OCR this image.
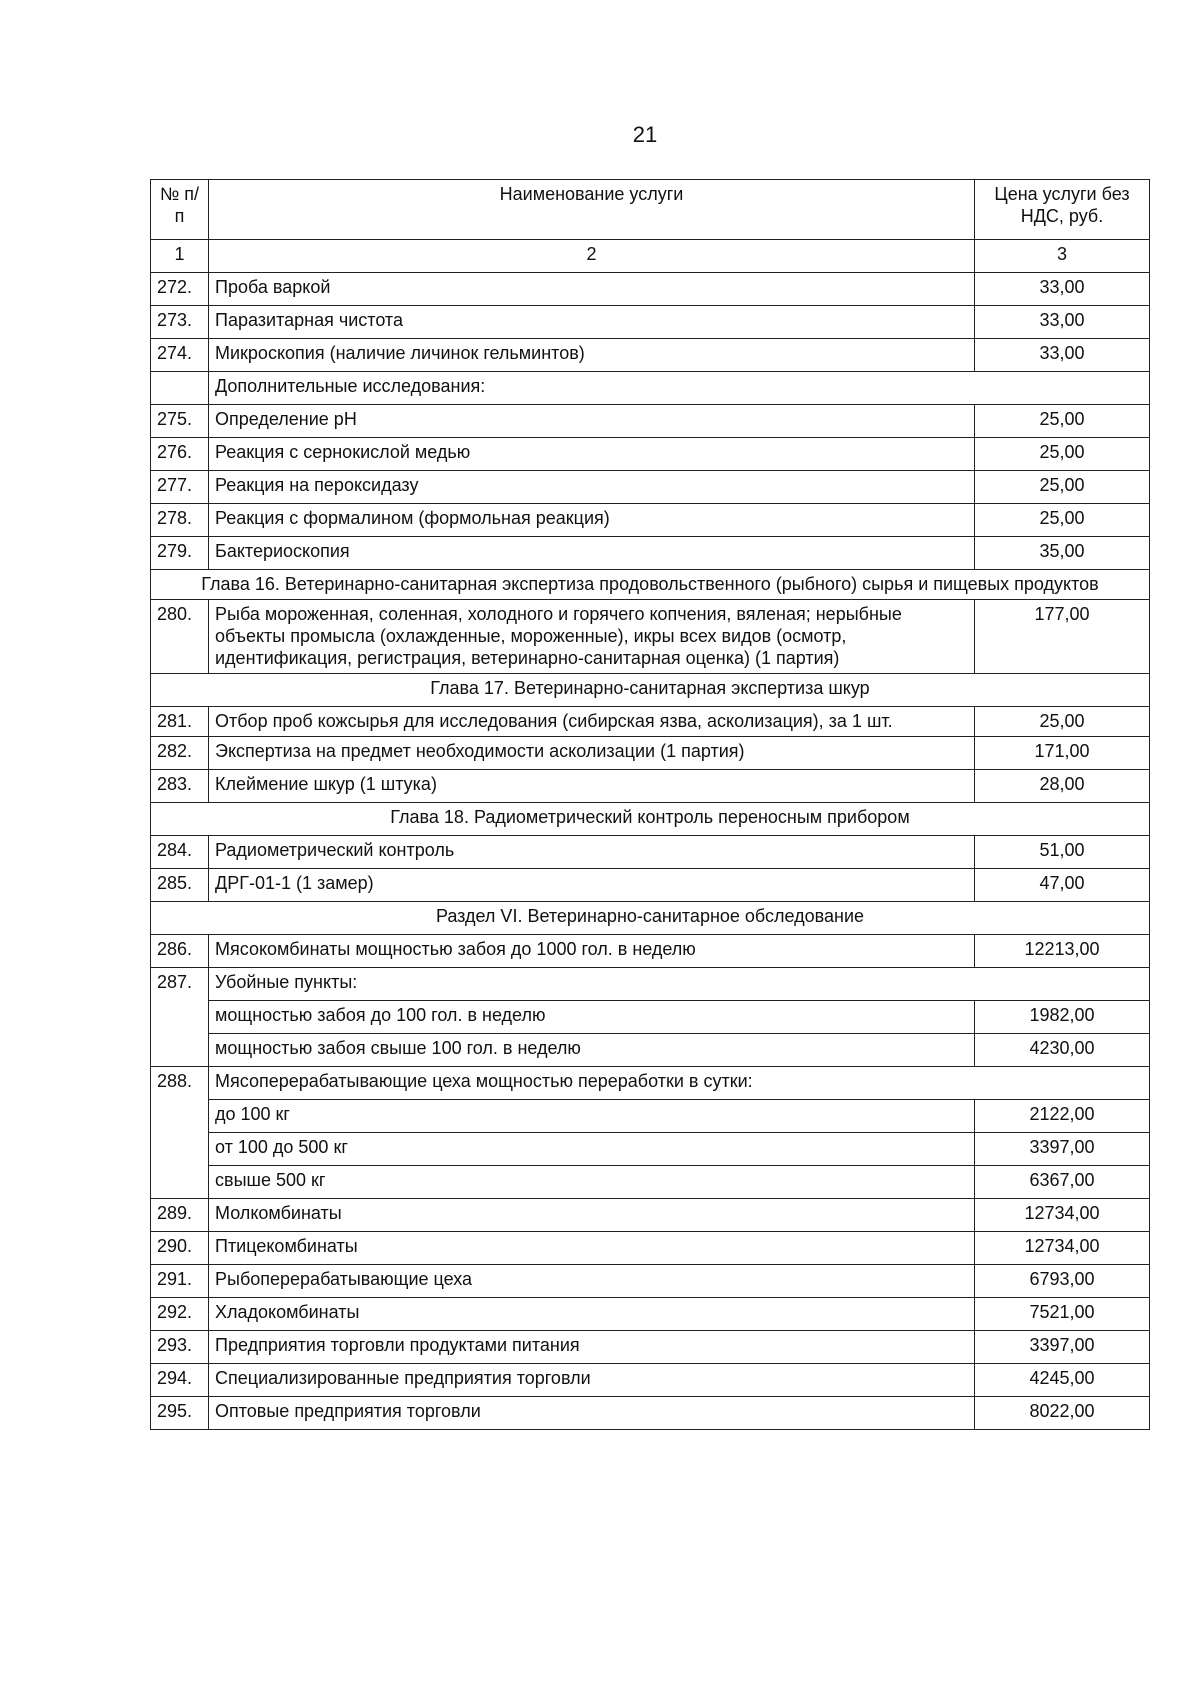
21
№ п/п	Наименование услуги	Цена услуги без НДС, руб.
1	2	3
272.	Проба варкой	33,00
273.	Паразитарная чистота	33,00
274.	Микроскопия (наличие личинок гельминтов)	33,00
	Дополнительные исследования:	
275.	Определение pH	25,00
276.	Реакция с сернокислой медью	25,00
277.	Реакция на пероксидазу	25,00
278.	Реакция с формалином (формольная реакция)	25,00
279.	Бактериоскопия	35,00
Глава 16. Ветеринарно-санитарная экспертиза продовольственного (рыбного) сырья и пищевых продуктов		
280.	Рыба мороженная, соленная, холодного и горячего копчения, вяленая; нерыбные объекты промысла (охлажденные, мороженные), икры всех видов (осмотр, идентификация, регистрация, ветеринарно-санитарная оценка) (1 партия)	177,00
Глава 17. Ветеринарно-санитарная экспертиза шкур		
281.	Отбор проб кожсырья для исследования (сибирская язва, асколизация), за 1 шт.	25,00
282.	Экспертиза на предмет необходимости асколизации (1 партия)	171,00
283.	Клеймение шкур (1 штука)	28,00
Глава 18. Радиометрический контроль переносным прибором		
284.	Радиометрический контроль	51,00
285.	ДРГ-01-1 (1 замер)	47,00
Раздел VI. Ветеринарно-санитарное обследование		
286.	Мясокомбинаты мощностью забоя до 1000 гол. в неделю	12213,00
287.	Убойные пункты:	
	мощностью забоя до 100 гол. в неделю	1982,00
	мощностью забоя свыше 100 гол. в неделю	4230,00
288.	Мясоперерабатывающие цеха мощностью переработки в сутки:	
	до 100 кг	2122,00
	от 100 до 500 кг	3397,00
	свыше 500 кг	6367,00
289.	Молкомбинаты	12734,00
290.	Птицекомбинаты	12734,00
291.	Рыбоперерабатывающие цеха	6793,00
292.	Хладокомбинаты	7521,00
293.	Предприятия торговли продуктами питания	3397,00
294.	Специализированные предприятия торговли	4245,00
295.	Оптовые предприятия торговли	8022,00
